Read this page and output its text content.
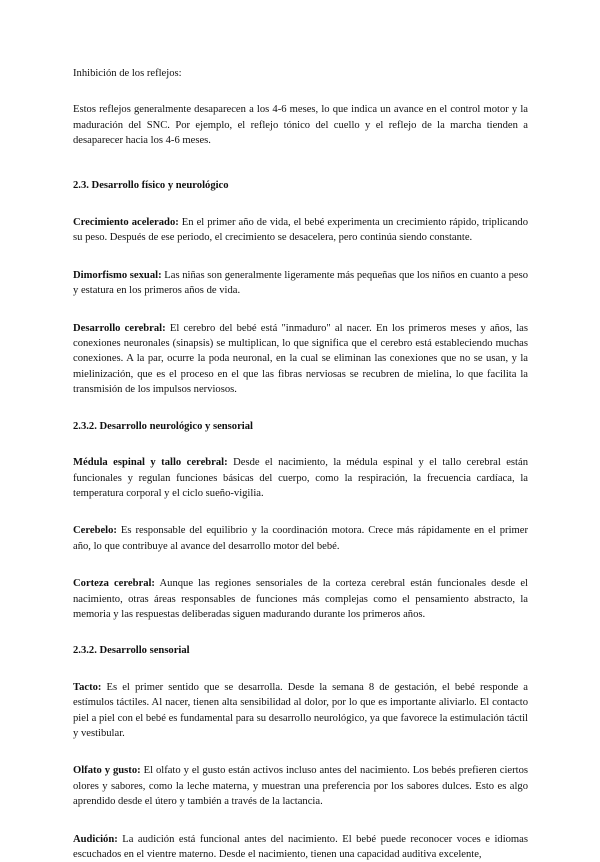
Inhibición de los reflejos:

Estos reflejos generalmente desaparecen a los 4-6 meses, lo que indica un avance en el control motor y la maduración del SNC. Por ejemplo, el reflejo tónico del cuello y el reflejo de la marcha tienden a desaparecer hacia los 4-6 meses.

2.3. Desarrollo físico y neurológico

Crecimiento acelerado: En el primer año de vida, el bebé experimenta un crecimiento rápido, triplicando su peso. Después de ese periodo, el crecimiento se desacelera, pero continúa siendo constante.

Dimorfismo sexual: Las niñas son generalmente ligeramente más pequeñas que los niños en cuanto a peso y estatura en los primeros años de vida.

Desarrollo cerebral: El cerebro del bebé está "inmaduro" al nacer. En los primeros meses y años, las conexiones neuronales (sinapsis) se multiplican, lo que significa que el cerebro está estableciendo muchas conexiones. A la par, ocurre la poda neuronal, en la cual se eliminan las conexiones que no se usan, y la mielinización, que es el proceso en el que las fibras nerviosas se recubren de mielina, lo que facilita la transmisión de los impulsos nerviosos.

2.3.2. Desarrollo neurológico y sensorial

Médula espinal y tallo cerebral: Desde el nacimiento, la médula espinal y el tallo cerebral están funcionales y regulan funciones básicas del cuerpo, como la respiración, la frecuencia cardíaca, la temperatura corporal y el ciclo sueño-vigilia.

Cerebelo: Es responsable del equilibrio y la coordinación motora. Crece más rápidamente en el primer año, lo que contribuye al avance del desarrollo motor del bebé.

Corteza cerebral: Aunque las regiones sensoriales de la corteza cerebral están funcionales desde el nacimiento, otras áreas responsables de funciones más complejas como el pensamiento abstracto, la memoria y las respuestas deliberadas siguen madurando durante los primeros años.

2.3.2. Desarrollo sensorial

Tacto: Es el primer sentido que se desarrolla. Desde la semana 8 de gestación, el bebé responde a estímulos táctiles. Al nacer, tienen alta sensibilidad al dolor, por lo que es importante aliviarlo. El contacto piel a piel con el bebé es fundamental para su desarrollo neurológico, ya que favorece la estimulación táctil y vestibular.

Olfato y gusto: El olfato y el gusto están activos incluso antes del nacimiento. Los bebés prefieren ciertos olores y sabores, como la leche materna, y muestran una preferencia por los sabores dulces. Esto es algo aprendido desde el útero y también a través de la lactancia.

Audición: La audición está funcional antes del nacimiento. El bebé puede reconocer voces e idiomas escuchados en el vientre materno. Desde el nacimiento, tienen una capacidad auditiva excelente,
